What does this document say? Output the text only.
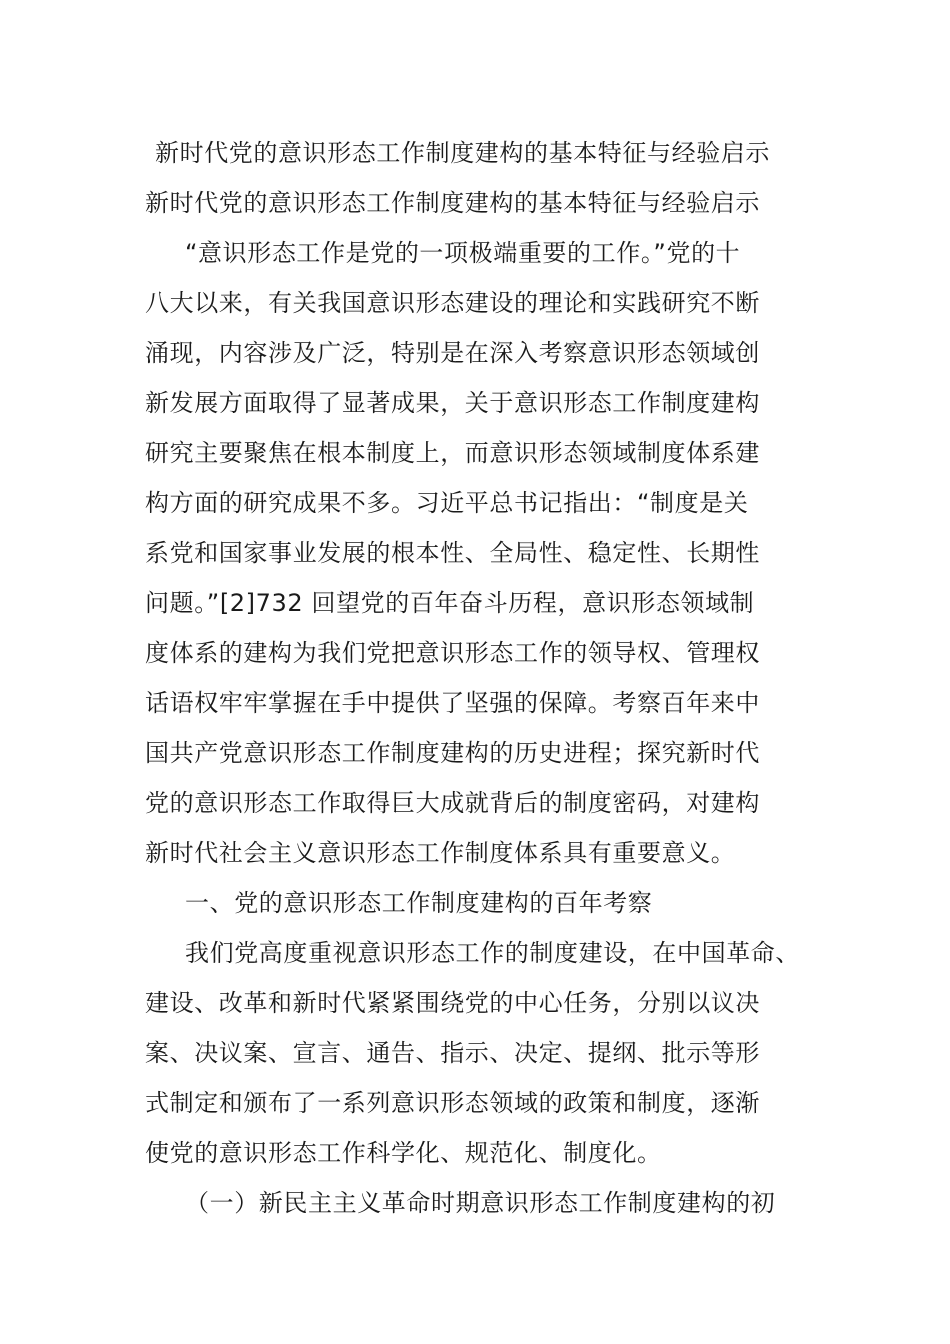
新时代党的意识形态工作制度建构的基本特征与经验启示
新时代党的意识形态工作制度建构的基本特征与经验启示
“意识形态工作是党的一项极端重要的工作。”党的十
八大以来，有关我国意识形态建设的理论和实践研究不断
涌现，内容涉及广泛，特别是在深入考察意识形态领域创
新发展方面取得了显著成果，关于意识形态工作制度建构
研究主要聚焦在根本制度上，而意识形态领域制度体系建
构方面的研究成果不多。习近平总书记指出：“制度是关
系党和国家事业发展的根本性、全局性、稳定性、长期性
问题。”[2]732 回望党的百年奋斗历程，意识形态领域制
度体系的建构为我们党把意识形态工作的领导权、管理权
话语权牢牢掌握在手中提供了坚强的保障。考察百年来中
国共产党意识形态工作制度建构的历史进程；探究新时代
党的意识形态工作取得巨大成就背后的制度密码，对建构
新时代社会主义意识形态工作制度体系具有重要意义。
一、党的意识形态工作制度建构的百年考察
我们党高度重视意识形态工作的制度建设，在中国革命、
建设、改革和新时代紧紧围绕党的中心任务，分别以议决
案、决议案、宣言、通告、指示、决定、提纲、批示等形
式制定和颁布了一系列意识形态领域的政策和制度，逐渐
使党的意识形态工作科学化、规范化、制度化。
（一）新民主主义革命时期意识形态工作制度建构的初
